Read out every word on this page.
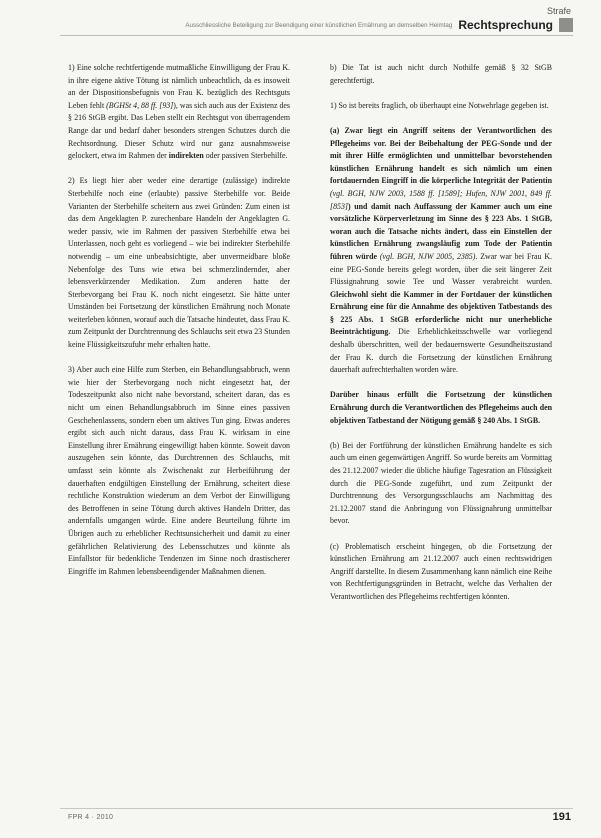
Strafe
Ausschliessliche Beteiligung zur Beendigung einer künstlichen Ernährung an demselben Heimtag Rechtsprechung

1) Eine solche rechtfertigende mutmaßliche Einwilligung der Frau K. in ihre eigene aktive Tötung ist nämlich unbeachtlich, da es insoweit an der Dispositionsbefugnis von Frau K. bezüglich des Rechtsguts Leben fehlt (BGHSt 4, 88 ff. [93]), was sich auch aus der Existenz des § 216 StGB ergibt. Das Leben stellt ein Rechtsgut von überragendem Range dar und bedarf daher besonders strengen Schutzes durch die Rechtsordnung. Dieser Schutz wird nur ganz ausnahmsweise gelockert, etwa im Rahmen der indirekten oder passiven Sterbehilfe.

2) Es liegt hier aber weder eine derartige (zulässige) indirekte Sterbehilfe noch eine (erlaubte) passive Sterbehilfe vor. Beide Varianten der Sterbehilfe scheitern aus zwei Gründen: Zum einen ist das dem Angeklagten P. zurechenbare Handeln der Angeklagten G. weder passiv, wie im Rahmen der passiven Sterbehilfe etwa bei Unterlassen, noch geht es vorliegend – wie bei indirekter Sterbehilfe notwendig – um eine unbeabsichtigte, aber unvermeidbare bloße Nebenfolge des Tuns wie etwa bei schmerzlindernder, aber lebensverkürzender Medikation. Zum anderen hatte der Sterbevorgang bei Frau K. noch nicht eingesetzt. Sie hätte unter Umständen bei Fortsetzung der künstlichen Ernährung noch Monate weiterleben können, worauf auch die Tatsache hindeutet, dass Frau K. zum Zeitpunkt der Durchtrennung des Schlauchs seit etwa 23 Stunden keine Flüssigkeitszufuhr mehr erhalten hatte.

3) Aber auch eine Hilfe zum Sterben, ein Behandlungsabbruch, wenn wie hier der Sterbevorgang noch nicht eingesetzt hat, der Todeszeitpunkt also nicht nahe bevorstand, scheitert daran, das es nicht um einen Behandlungsabbruch im Sinne eines passiven Geschehenlassens, sondern eben um aktives Tun ging. Etwas anderes ergibt sich auch nicht daraus, dass Frau K. wirksam in eine Einstellung ihrer Ernährung eingewilligt haben könnte. Soweit davon auszugehen sein könnte, das Durchtrennen des Schlauchs, mit umfasst sein könnte als Zwischenakt zur Herbeiführung der dauerhaften endgültigen Einstellung der Ernährung, scheitert diese rechtliche Konstruktion wiederum an dem Verbot der Einwilligung des Betroffenen in seine Tötung durch aktives Handeln Dritter, das andernfalls umgangen würde. Eine andere Beurteilung führte im Übrigen auch zu erheblicher Rechtsunsicherheit und damit zu einer gefährlichen Relativierung des Lebensschutzes und könnte als Einfallstor für bedenkliche Tendenzen im Sinne noch drastischerer Eingriffe im Rahmen lebensbeendigender Maßnahmen dienen.

b) Die Tat ist auch nicht durch Nothilfe gemäß § 32 StGB gerechtfertigt.

1) So ist bereits fraglich, ob überhaupt eine Notwehrlage gegeben ist.

(a) Zwar liegt ein Angriff seitens der Verantwortlichen des Pflegeheims vor. Bei der Beibehaltung der PEG-Sonde und der mit ihrer Hilfe ermöglichten und unmittelbar bevorstehenden künstlichen Ernährung handelt es sich nämlich um einen fortdauernden Eingriff in die körperliche Integrität der Patientin (vgl. BGH, NJW 2003, 1588 ff. [1589]; Hufen, NJW 2001, 849 ff. [853]) und damit nach Auffassung der Kammer auch um eine vorsätzliche Körperverletzung im Sinne des § 223 Abs. 1 StGB, woran auch die Tatsache nichts ändert, dass ein Einstellen der künstlichen Ernährung zwangsläufig zum Tode der Patientin führen würde (vgl. BGH, NJW 2005, 2385). Zwar war bei Frau K. eine PEG-Sonde bereits gelegt worden, über die seit längerer Zeit Flüssignahrung sowie Tee und Wasser verabreicht wurden. Gleichwohl sieht die Kammer in der Fortdauer der künstlichen Ernährung eine für die Annahme des objektiven Tatbestands des § 225 Abs. 1 StGB erforderliche nicht nur unerhebliche Beeinträchtigung. Die Erheblichkeitsschwelle war vorliegend deshalb überschritten, weil der bedauernswerte Gesundheitszustand der Frau K. durch die Fortsetzung der künstlichen Ernährung dauerhaft aufrechterhalten worden wäre.

Darüber hinaus erfüllt die Fortsetzung der künstlichen Ernährung durch die Verantwortlichen des Pflegeheims auch den objektiven Tatbestand der Nötigung gemäß § 240 Abs. 1 StGB.

(b) Bei der Fortführung der künstlichen Ernährung handelte es sich auch um einen gegenwärtigen Angriff. So wurde bereits am Vormittag des 21.12.2007 wieder die übliche häufige Tagesration an Flüssigkeit durch die PEG-Sonde zugeführt, und zum Zeitpunkt der Durchtrennung des Versorgungsschlauchs am Nachmittag des 21.12.2007 stand die Anbringung von Flüssignahrung unmittelbar bevor.

(c) Problematisch erscheint hingegen, ob die Fortsetzung der künstlichen Ernährung am 21.12.2007 auch einen rechtswidrigen Angriff darstellte. In diesem Zusammenhang kann nämlich eine Reihe von Rechtfertigungsgründen in Betracht, welche das Verhalten der Verantwortlichen des Pflegeheims rechtfertigen könnten.

FPR 4 · 2010	191
